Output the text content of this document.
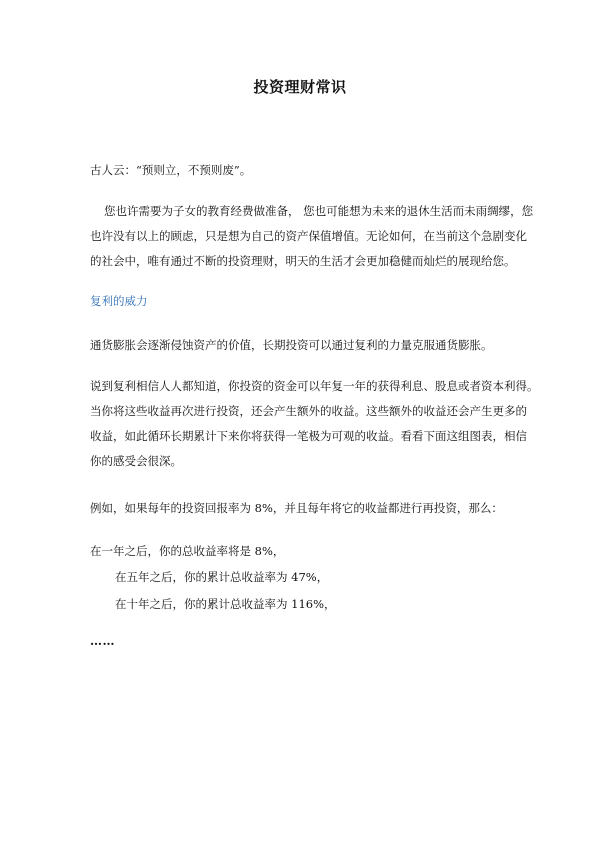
投资理财常识
古人云：“预则立，不预则废”。
您也许需要为子女的教育经费做准备， 您也可能想为未来的退休生活而未雨绸缪，您
也许没有以上的顾虑，只是想为自己的资产保值增值。无论如何，在当前这个急剧变化
的社会中，唯有通过不断的投资理财，明天的生活才会更加稳健而灿烂的展现给您。
复利的威力
通货膨胀会逐渐侵蚀资产的价值，长期投资可以通过复利的力量克服通货膨胀。
说到复利相信人人都知道，你投资的资金可以年复一年的获得利息、股息或者资本利得。
当你将这些收益再次进行投资，还会产生额外的收益。这些额外的收益还会产生更多的
收益，如此循环长期累计下来你将获得一笔极为可观的收益。看看下面这组图表，相信
你的感受会很深。
例如，如果每年的投资回报率为 8%，并且每年将它的收益都进行再投资，那么：
在一年之后，你的总收益率将是 8%，
在五年之后，你的累计总收益率为 47%，
在十年之后，你的累计总收益率为 116%，
……
